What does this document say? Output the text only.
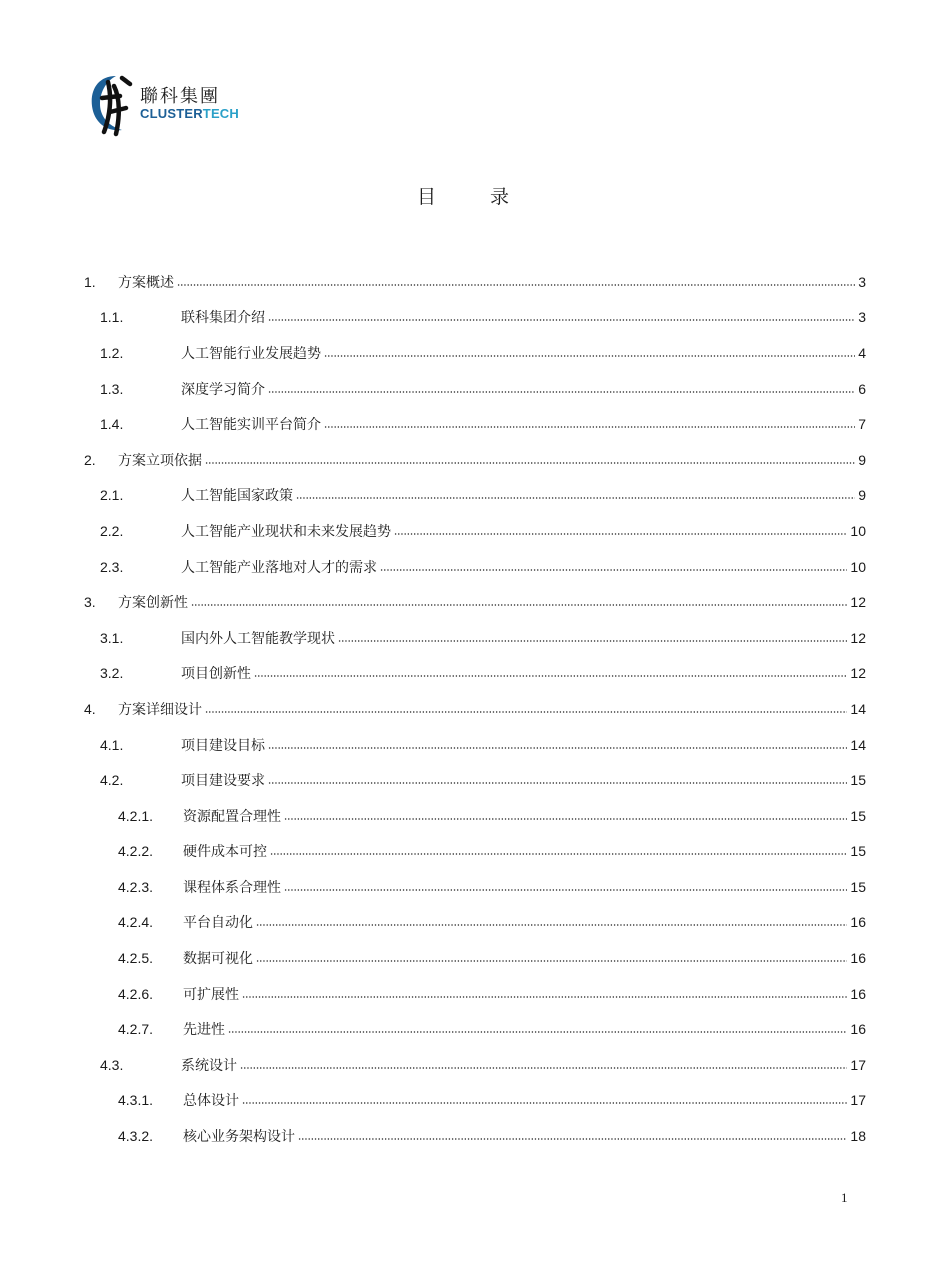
聯科集團
CLUSTERTECH
目 录
1.	方案概述	3
1.1.	联科集团介绍	3
1.2.	人工智能行业发展趋势	4
1.3.	深度学习简介	6
1.4.	人工智能实训平台简介	7
2.	方案立项依据	9
2.1.	人工智能国家政策	9
2.2.	人工智能产业现状和未来发展趋势	10
2.3.	人工智能产业落地对人才的需求	10
3.	方案创新性	12
3.1.	国内外人工智能教学现状	12
3.2.	项目创新性	12
4.	方案详细设计	14
4.1.	项目建设目标	14
4.2.	项目建设要求	15
4.2.1.	资源配置合理性	15
4.2.2.	硬件成本可控	15
4.2.3.	课程体系合理性	15
4.2.4.	平台自动化	16
4.2.5.	数据可视化	16
4.2.6.	可扩展性	16
4.2.7.	先进性	16
4.3.	系统设计	17
4.3.1.	总体设计	17
4.3.2.	核心业务架构设计	18
1
